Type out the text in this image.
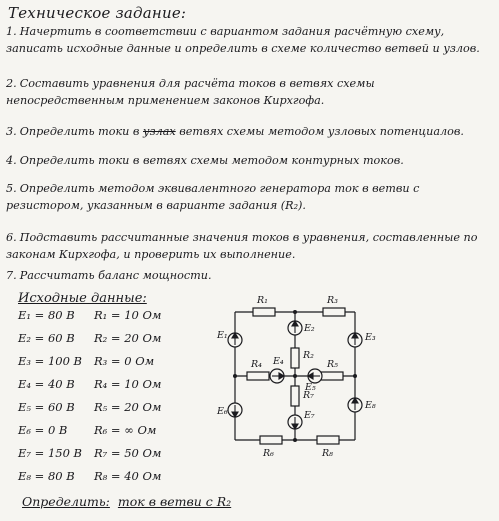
Техническое задание:
1. Начертить в соответствии с вариантом задания расчётную схему, записать исходные данные и определить в схеме количество ветвей и узлов.
2. Составить уравнения для расчёта токов в ветвях схемы непосредственным применением законов Кирхгофа.
3. Определить токи в узлах ветвях схемы методом узловых потенциалов.
4. Определить токи в ветвях схемы методом контурных токов.
5. Определить методом эквивалентного генератора ток в ветви с резистором, указанным в варианте задания (R₂).
6. Подставить рассчитанные значения токов в уравнения, составленные по законам Кирхгофа, и проверить их выполнение.
7. Рассчитать баланс мощности.
Исходные данные:
E₁ = 80 В R₁ = 10 Ом
E₂ = 60 В R₂ = 20 Ом
E₃ = 100 В R₃ = 0 Ом
E₄ = 40 В R₄ = 10 Ом
E₅ = 60 В R₅ = 20 Ом
E₆ = 0 В R₆ = ∞ Ом
E₇ = 150 В R₇ = 50 Ом
E₈ = 80 В R₈ = 40 Ом
R₁	R₃
R₂
R₄	R₅
R₇
R₆	R₈
E₁
E₂
E₃
E₄
E₅
E₆	E₇
E₈
Определить: ток в ветви с R₂
